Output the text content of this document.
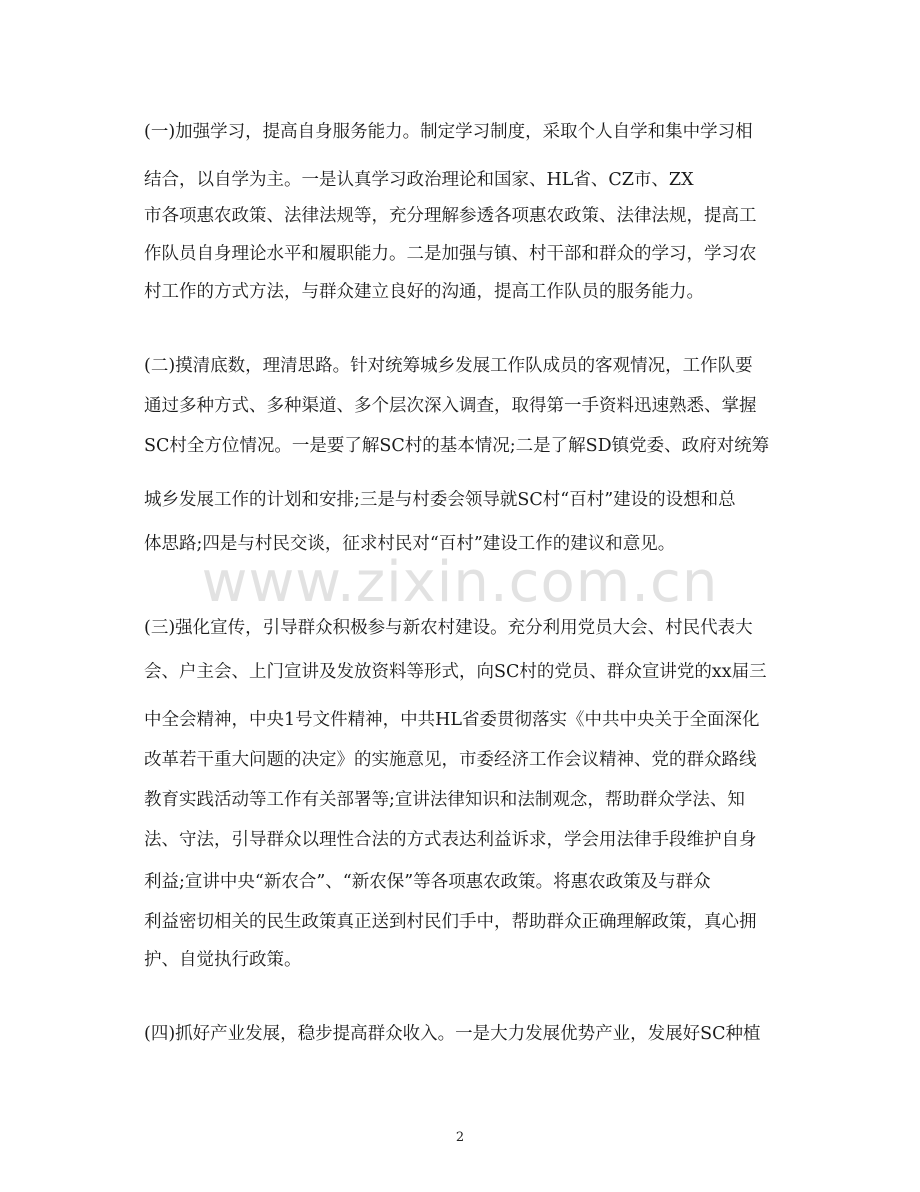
(一)加强学习，提高自身服务能力。制定学习制度，采取个人自学和集中学习相
结合，以自学为主。一是认真学习政治理论和国家、HL省、CZ市、ZX
市各项惠农政策、法律法规等，充分理解参透各项惠农政策、法律法规，提高工
作队员自身理论水平和履职能力。二是加强与镇、村干部和群众的学习，学习农
村工作的方式方法，与群众建立良好的沟通，提高工作队员的服务能力。
(二)摸清底数，理清思路。针对统筹城乡发展工作队成员的客观情况，工作队要
通过多种方式、多种渠道、多个层次深入调查，取得第一手资料迅速熟悉、掌握
SC村全方位情况。一是要了解SC村的基本情况;二是了解SD镇党委、政府对统筹
城乡发展工作的计划和安排;三是与村委会领导就SC村“百村”建设的设想和总
体思路;四是与村民交谈，征求村民对“百村”建设工作的建议和意见。
(三)强化宣传，引导群众积极参与新农村建设。充分利用党员大会、村民代表大
会、户主会、上门宣讲及发放资料等形式，向SC村的党员、群众宣讲党的xx届三
中全会精神，中央1号文件精神，中共HL省委贯彻落实《中共中央关于全面深化
改革若干重大问题的决定》的实施意见，市委经济工作会议精神、党的群众路线
教育实践活动等工作有关部署等;宣讲法律知识和法制观念，帮助群众学法、知
法、守法，引导群众以理性合法的方式表达利益诉求，学会用法律手段维护自身
利益;宣讲中央“新农合”、“新农保”等各项惠农政策。将惠农政策及与群众
利益密切相关的民生政策真正送到村民们手中，帮助群众正确理解政策，真心拥
护、自觉执行政策。
(四)抓好产业发展，稳步提高群众收入。一是大力发展优势产业，发展好SC种植
www.zixin.com.cn
2
